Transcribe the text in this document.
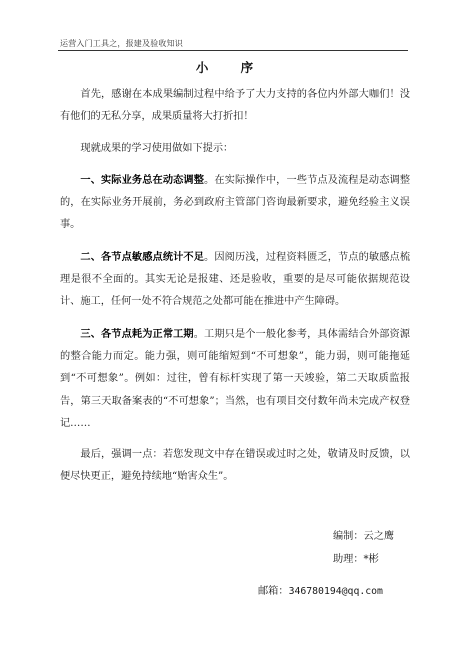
运营入门工具之，报建及验收知识
小 序

首先，感谢在本成果编制过程中给予了大力支持的各位内外部大咖们！没有他们的无私分享，成果质量将大打折扣！

现就成果的学习使用做如下提示：

一、实际业务总在动态调整。在实际操作中，一些节点及流程是动态调整的，在实际业务开展前，务必到政府主管部门咨询最新要求，避免经验主义误事。

二、各节点敏感点统计不足。因阅历浅，过程资料匮乏，节点的敏感点梳理是很不全面的。其实无论是报建、还是验收，重要的是尽可能依据规范设计、施工，任何一处不符合规范之处都可能在推进中产生障碍。

三、各节点耗为正常工期。工期只是个一般化参考，具体需结合外部资源的整合能力而定。能力强，则可能缩短到“不可想象”，能力弱，则可能拖延到“不可想象”。例如：过往，曾有标杆实现了第一天竣验，第二天取质监报告，第三天取备案表的“不可想象”；当然，也有项目交付数年尚未完成产权登记……

最后，强调一点：若您发现文中存在错误或过时之处，敬请及时反馈，以便尽快更正，避免持续地“贻害众生”。

编制：云之鹰
助理：*彬
邮箱：346780194@qq.com
